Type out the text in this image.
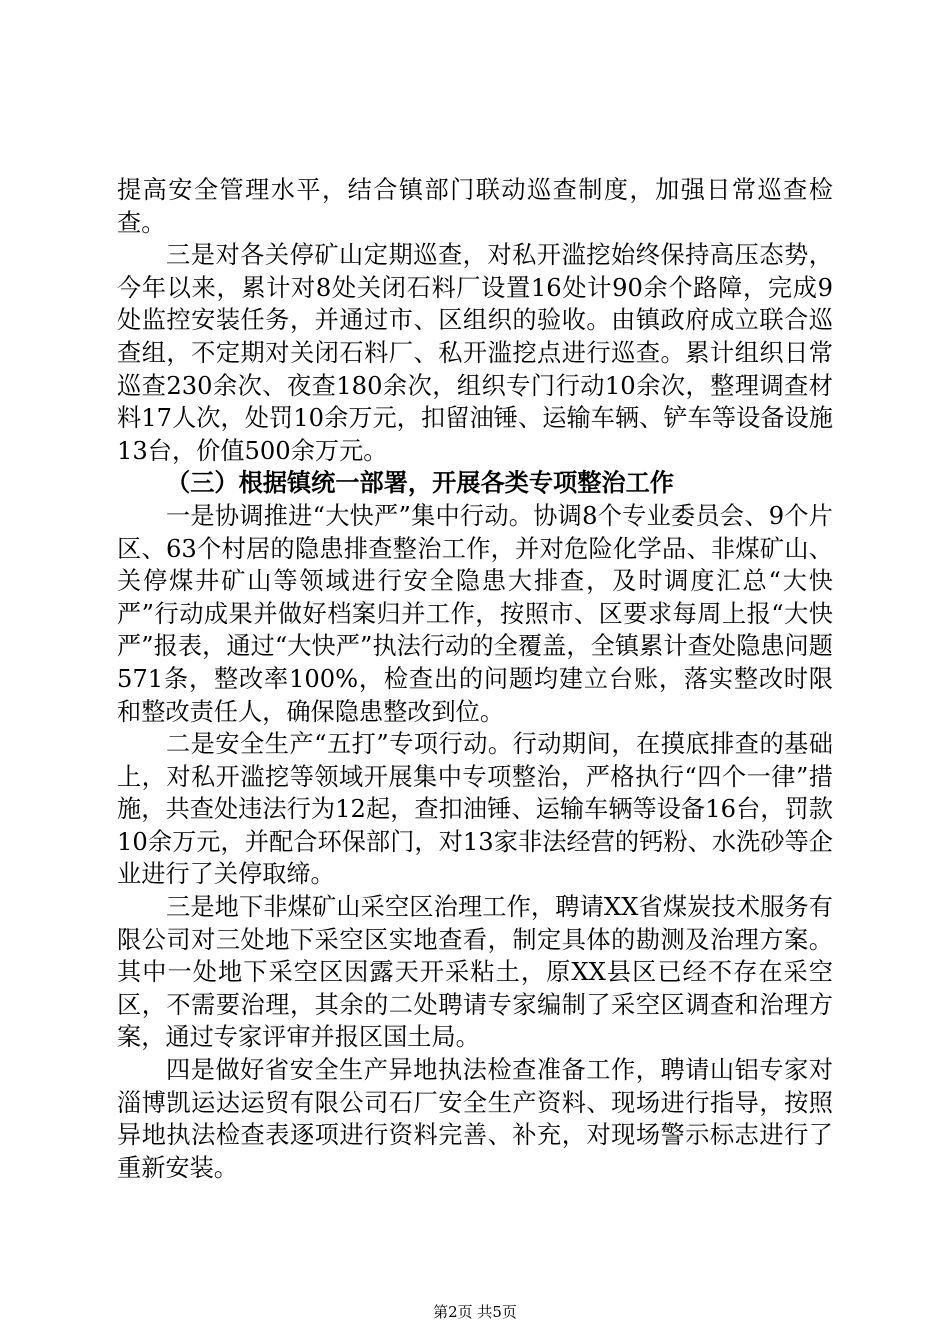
提高安全管理水平，结合镇部门联动巡查制度，加强日常巡查检查。

三是对各关停矿山定期巡查，对私开滥挖始终保持高压态势，今年以来，累计对8处关闭石料厂设置16处计90余个路障，完成9处监控安装任务，并通过市、区组织的验收。由镇政府成立联合巡查组，不定期对关闭石料厂、私开滥挖点进行巡查。累计组织日常巡查230余次、夜查180余次，组织专门行动10余次，整理调查材料17人次，处罚10余万元，扣留油锤、运输车辆、铲车等设备设施13台，价值500余万元。

（三）根据镇统一部署，开展各类专项整治工作

一是协调推进“大快严”集中行动。协调8个专业委员会、9个片区、63个村居的隐患排查整治工作，并对危险化学品、非煤矿山、关停煤井矿山等领域进行安全隐患大排查，及时调度汇总“大快严”行动成果并做好档案归并工作，按照市、区要求每周上报“大快严”报表，通过“大快严”执法行动的全覆盖，全镇累计查处隐患问题571条，整改率100%，检查出的问题均建立台账，落实整改时限和整改责任人，确保隐患整改到位。

二是安全生产“五打”专项行动。行动期间，在摸底排查的基础上，对私开滥挖等领域开展集中专项整治，严格执行“四个一律”措施，共查处违法行为12起，查扣油锤、运输车辆等设备16台，罚款10余万元，并配合环保部门，对13家非法经营的钙粉、水洗砂等企业进行了关停取缔。

三是地下非煤矿山采空区治理工作，聘请XX省煤炭技术服务有限公司对三处地下采空区实地查看，制定具体的勘测及治理方案。其中一处地下采空区因露天开采粘土，原XX县区已经不存在采空区，不需要治理，其余的二处聘请专家编制了采空区调查和治理方案，通过专家评审并报区国土局。

四是做好省安全生产异地执法检查准备工作，聘请山铝专家对淄博凯运达运贸有限公司石厂安全生产资料、现场进行指导，按照异地执法检查表逐项进行资料完善、补充，对现场警示标志进行了重新安装。

第2页 共5页
